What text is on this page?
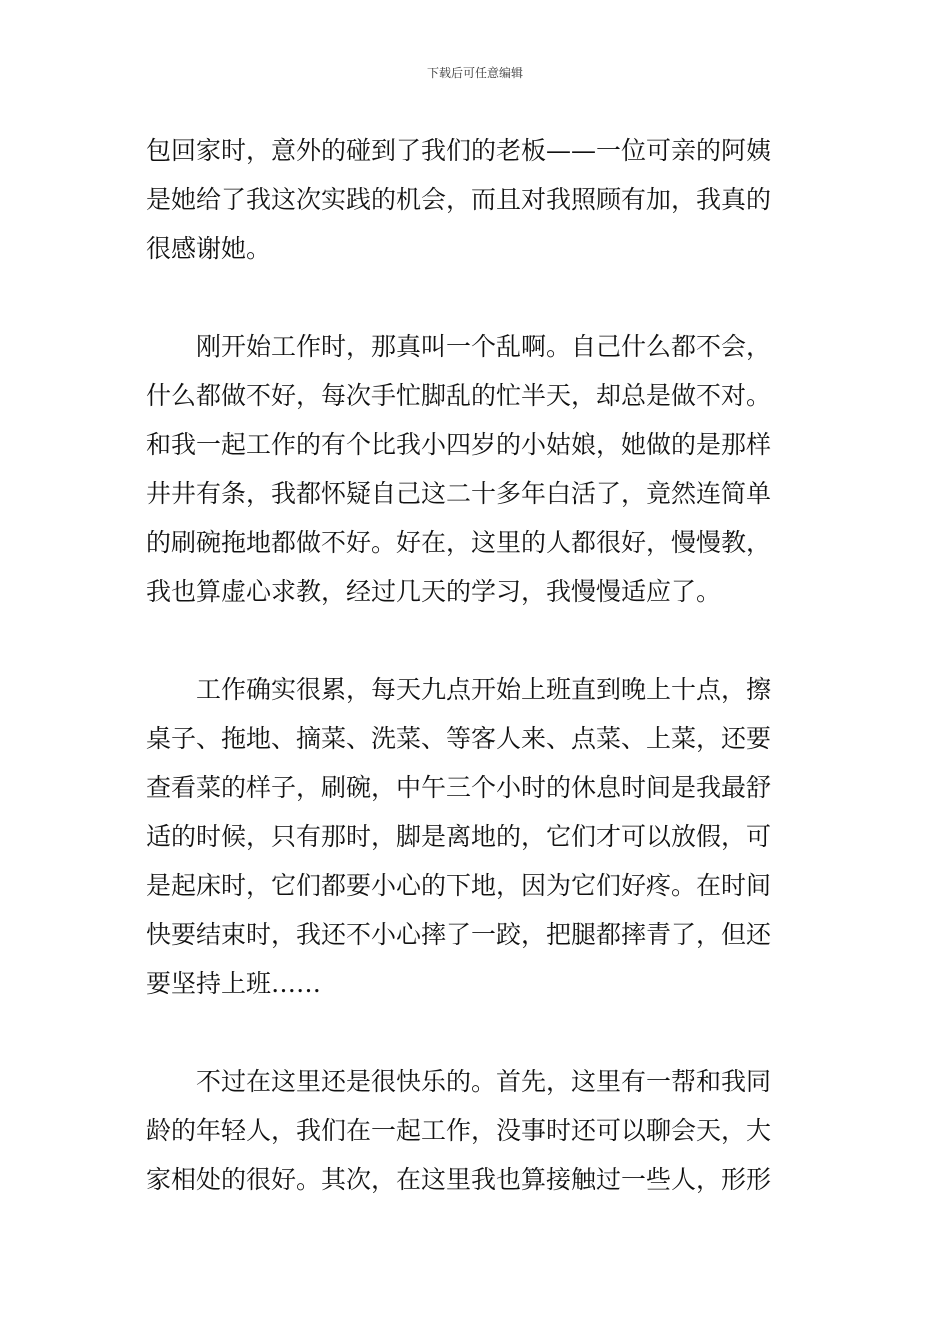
下载后可任意编辑
包回家时，意外的碰到了我们的老板——一位可亲的阿姨
是她给了我这次实践的机会，而且对我照顾有加，我真的
很感谢她。
　　刚开始工作时，那真叫一个乱啊。自己什么都不会，
什么都做不好，每次手忙脚乱的忙半天，却总是做不对。
和我一起工作的有个比我小四岁的小姑娘，她做的是那样
井井有条，我都怀疑自己这二十多年白活了，竟然连简单
的刷碗拖地都做不好。好在，这里的人都很好，慢慢教，
我也算虚心求教，经过几天的学习，我慢慢适应了。
　　工作确实很累，每天九点开始上班直到晚上十点，擦
桌子、拖地、摘菜、洗菜、等客人来、点菜、上菜，还要
查看菜的样子，刷碗，中午三个小时的休息时间是我最舒
适的时候，只有那时，脚是离地的，它们才可以放假，可
是起床时，它们都要小心的下地，因为它们好疼。在时间
快要结束时，我还不小心摔了一跤，把腿都摔青了，但还
要坚持上班……
　　不过在这里还是很快乐的。首先，这里有一帮和我同
龄的年轻人，我们在一起工作，没事时还可以聊会天，大
家相处的很好。其次，在这里我也算接触过一些人，形形
